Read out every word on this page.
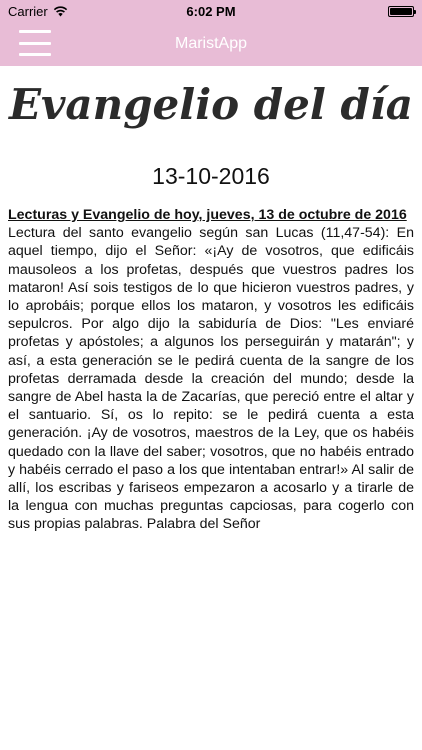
Carrier	6:02 PM
MaristApp
Evangelio del día
13-10-2016
Lecturas y Evangelio de hoy, jueves, 13 de octubre de 2016
Lectura del santo evangelio según san Lucas (11,47-54): En aquel tiempo, dijo el Señor: «¡Ay de vosotros, que edificáis mausoleos a los profetas, después que vuestros padres los mataron! Así sois testigos de lo que hicieron vuestros padres, y lo aprobáis; porque ellos los mataron, y vosotros les edificáis sepulcros. Por algo dijo la sabiduría de Dios: "Les enviaré profetas y apóstoles; a algunos los perseguirán y matarán"; y así, a esta generación se le pedirá cuenta de la sangre de los profetas derramada desde la creación del mundo; desde la sangre de Abel hasta la de Zacarías, que pereció entre el altar y el santuario. Sí, os lo repito: se le pedirá cuenta a esta generación. ¡Ay de vosotros, maestros de la Ley, que os habéis quedado con la llave del saber; vosotros, que no habéis entrado y habéis cerrado el paso a los que intentaban entrar!» Al salir de allí, los escribas y fariseos empezaron a acosarlo y a tirarle de la lengua con muchas preguntas capciosas, para cogerlo con sus propias palabras. Palabra del Señor
